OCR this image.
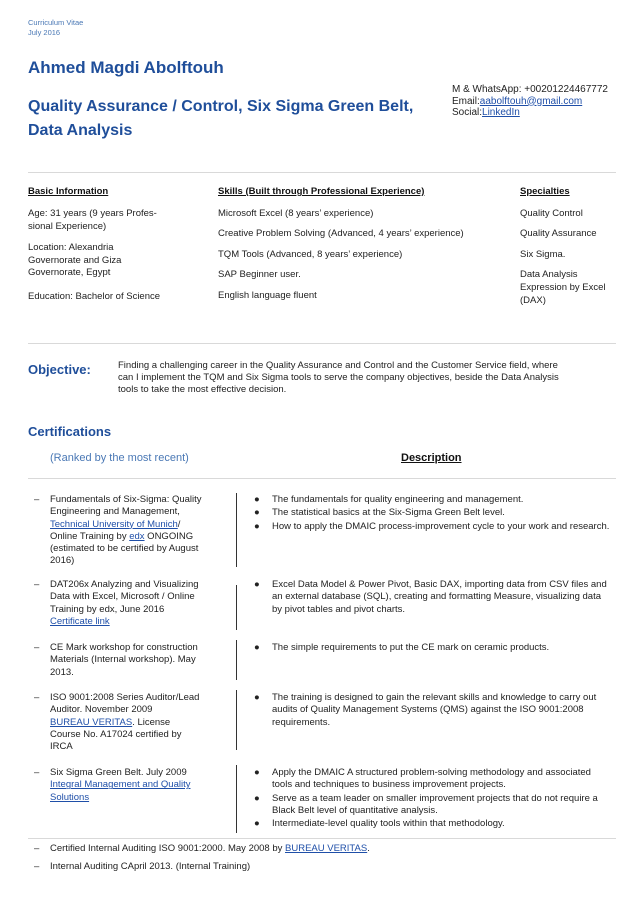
Curriculum Vitae
July 2016
Ahmed Magdi Abolftouh
Quality Assurance / Control, Six Sigma Green Belt,
Data Analysis
M & WhatsApp: +00201224467772
Email:aabolftouh@gmail.com
Social:LinkedIn
Basic Information
Age: 31 years (9 years Profes-
sional Experience)
Location: Alexandria
Governorate and Giza
Governorate, Egypt
Education: Bachelor of Science
Skills (Built through Professional Experience)
Microsoft Excel (8 years’ experience)
Creative Problem Solving (Advanced, 4 years’ experience)
TQM Tools (Advanced, 8 years’ experience)
SAP Beginner user.
English language fluent
Specialties
Quality Control
Quality Assurance
Six Sigma.
Data Analysis
Expression by Excel
(DAX)
Objective:	Finding a challenging career in the Quality Assurance and Control and the Customer Service field, where
can I implement the TQM and Six Sigma tools to serve the company objectives, beside the Data Analysis
tools to take the most effective decision.
Certifications
(Ranked by the most recent)	Description
– Fundamentals of Six-Sigma: Quality
Engineering and Management,
Technical University of Munich/
Online Training by edx ONGOING
(estimated to be certified by August
2016)
● The fundamentals for quality engineering and management.
● The statistical basics at the Six-Sigma Green Belt level.
● How to apply the DMAIC process-improvement cycle to your work and research.
– DAT206x Analyzing and Visualizing
Data with Excel, Microsoft / Online
Training by edx, June 2016
Certificate link
● Excel Data Model & Power Pivot, Basic DAX, importing data from CSV files and an external database (SQL), creating and formatting Measure, visualizing data by pivot tables and pivot charts.
– CE Mark workshop for construction
Materials (Internal workshop). May
2013.
● The simple requirements to put the CE mark on ceramic products.
– ISO 9001:2008 Series Auditor/Lead
Auditor. November 2009
BUREAU VERITAS. License
Course No. A17024 certified by
IRCA
● The training is designed to gain the relevant skills and knowledge to carry out audits of Quality Management Systems (QMS) against the ISO 9001:2008 requirements.
– Six Sigma Green Belt. July 2009
Integral Management and Quality
Solutions
● Apply the DMAIC A structured problem-solving methodology and associated tools and techniques to business improvement projects.
● Serve as a team leader on smaller improvement projects that do not require a Black Belt level of quantitative analysis.
● Intermediate-level quality tools within that methodology.
– Certified Internal Auditing ISO 9001:2000. May 2008 by BUREAU VERITAS.
– Internal Auditing CApril 2013. (Internal Training)
